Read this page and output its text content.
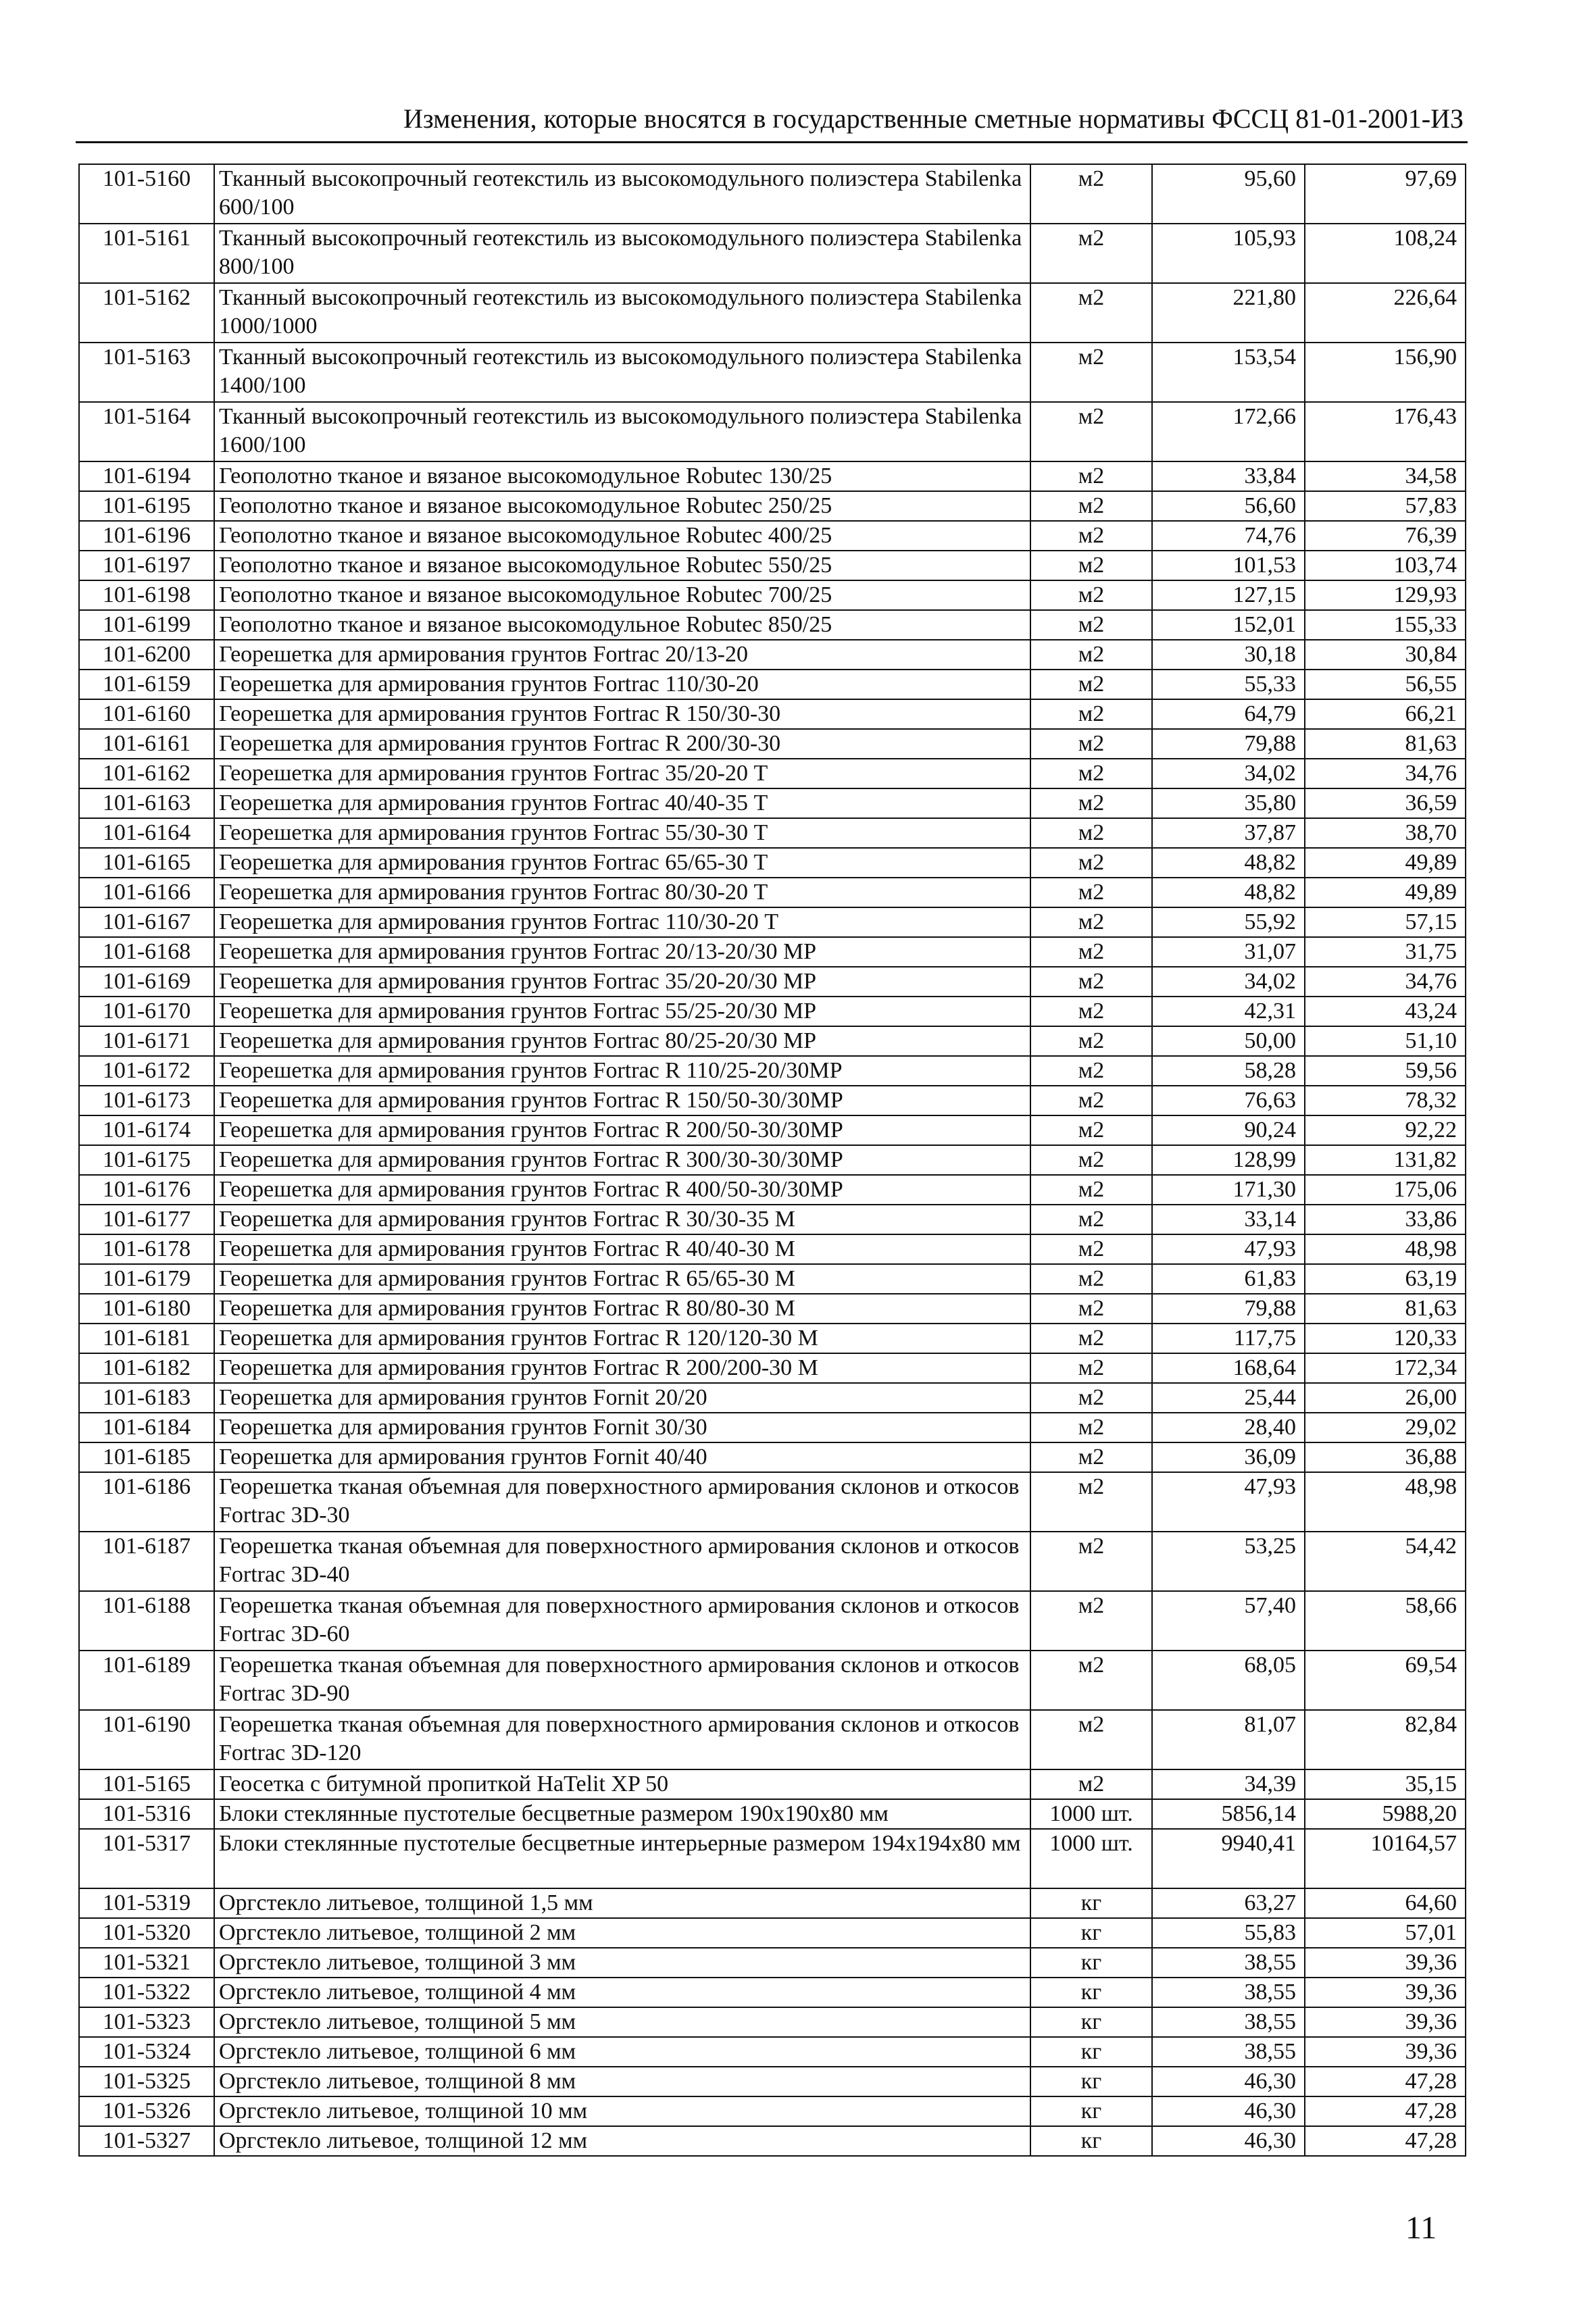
Изменения, которые вносятся в государственные сметные нормативы ФССЦ 81-01-2001-ИЗ
101-5160	Тканный высокопрочный геотекстиль из высокомодульного полиэстера Stabilenka 600/100	м2	95,60	97,69
101-5161	Тканный высокопрочный геотекстиль из высокомодульного полиэстера Stabilenka 800/100	м2	105,93	108,24
101-5162	Тканный высокопрочный геотекстиль из высокомодульного полиэстера Stabilenka 1000/1000	м2	221,80	226,64
101-5163	Тканный высокопрочный геотекстиль из высокомодульного полиэстера Stabilenka 1400/100	м2	153,54	156,90
101-5164	Тканный высокопрочный геотекстиль из высокомодульного полиэстера Stabilenka 1600/100	м2	172,66	176,43
101-6194	Геополотно тканое и вязаное высокомодульное Robutec 130/25	м2	33,84	34,58
101-6195	Геополотно тканое и вязаное высокомодульное Robutec 250/25	м2	56,60	57,83
101-6196	Геополотно тканое и вязаное высокомодульное Robutec 400/25	м2	74,76	76,39
101-6197	Геополотно тканое и вязаное высокомодульное Robutec 550/25	м2	101,53	103,74
101-6198	Геополотно тканое и вязаное высокомодульное Robutec 700/25	м2	127,15	129,93
101-6199	Геополотно тканое и вязаное высокомодульное Robutec 850/25	м2	152,01	155,33
101-6200	Георешетка для армирования грунтов Fortrac 20/13-20	м2	30,18	30,84
101-6159	Георешетка для армирования грунтов Fortrac 110/30-20	м2	55,33	56,55
101-6160	Георешетка для армирования грунтов Fortrac R 150/30-30	м2	64,79	66,21
101-6161	Георешетка для армирования грунтов Fortrac R 200/30-30	м2	79,88	81,63
101-6162	Георешетка для армирования грунтов Fortrac 35/20-20 Т	м2	34,02	34,76
101-6163	Георешетка для армирования грунтов Fortrac 40/40-35 Т	м2	35,80	36,59
101-6164	Георешетка для армирования грунтов Fortrac 55/30-30 Т	м2	37,87	38,70
101-6165	Георешетка для армирования грунтов Fortrac 65/65-30 Т	м2	48,82	49,89
101-6166	Георешетка для армирования грунтов Fortrac 80/30-20 Т	м2	48,82	49,89
101-6167	Георешетка для армирования грунтов Fortrac 110/30-20 Т	м2	55,92	57,15
101-6168	Георешетка для армирования грунтов Fortrac 20/13-20/30 МР	м2	31,07	31,75
101-6169	Георешетка для армирования грунтов Fortrac 35/20-20/30 МР	м2	34,02	34,76
101-6170	Георешетка для армирования грунтов Fortrac 55/25-20/30 МР	м2	42,31	43,24
101-6171	Георешетка для армирования грунтов Fortrac 80/25-20/30 МР	м2	50,00	51,10
101-6172	Георешетка для армирования грунтов Fortrac R 110/25-20/30MP	м2	58,28	59,56
101-6173	Георешетка для армирования грунтов Fortrac R 150/50-30/30MP	м2	76,63	78,32
101-6174	Георешетка для армирования грунтов Fortrac R 200/50-30/30MP	м2	90,24	92,22
101-6175	Георешетка для армирования грунтов Fortrac R 300/30-30/30MP	м2	128,99	131,82
101-6176	Георешетка для армирования грунтов Fortrac R 400/50-30/30MP	м2	171,30	175,06
101-6177	Георешетка для армирования грунтов Fortrac R 30/30-35 М	м2	33,14	33,86
101-6178	Георешетка для армирования грунтов Fortrac R 40/40-30 М	м2	47,93	48,98
101-6179	Георешетка для армирования грунтов Fortrac R 65/65-30 М	м2	61,83	63,19
101-6180	Георешетка для армирования грунтов Fortrac R 80/80-30 М	м2	79,88	81,63
101-6181	Георешетка для армирования грунтов Fortrac R 120/120-30 М	м2	117,75	120,33
101-6182	Георешетка для армирования грунтов Fortrac R 200/200-30 М	м2	168,64	172,34
101-6183	Георешетка для армирования грунтов Fornit 20/20	м2	25,44	26,00
101-6184	Георешетка для армирования грунтов Fornit 30/30	м2	28,40	29,02
101-6185	Георешетка для армирования грунтов Fornit 40/40	м2	36,09	36,88
101-6186	Георешетка тканая объемная для поверхностного армирования склонов и откосов Fortrac 3D-30	м2	47,93	48,98
101-6187	Георешетка тканая объемная для поверхностного армирования склонов и откосов Fortrac 3D-40	м2	53,25	54,42
101-6188	Георешетка тканая объемная для поверхностного армирования склонов и откосов Fortrac 3D-60	м2	57,40	58,66
101-6189	Георешетка тканая объемная для поверхностного армирования склонов и откосов Fortrac 3D-90	м2	68,05	69,54
101-6190	Георешетка тканая объемная для поверхностного армирования склонов и откосов Fortrac 3D-120	м2	81,07	82,84
101-5165	Геосетка с битумной пропиткой HaTelit XP 50	м2	34,39	35,15
101-5316	Блоки стеклянные пустотелые бесцветные размером 190x190x80 мм	1000 шт.	5856,14	5988,20
101-5317	Блоки стеклянные пустотелые бесцветные интерьерные размером 194x194x80 мм	1000 шт.	9940,41	10164,57
101-5319	Оргстекло литьевое, толщиной 1,5 мм	кг	63,27	64,60
101-5320	Оргстекло литьевое, толщиной 2 мм	кг	55,83	57,01
101-5321	Оргстекло литьевое, толщиной 3 мм	кг	38,55	39,36
101-5322	Оргстекло литьевое, толщиной 4 мм	кг	38,55	39,36
101-5323	Оргстекло литьевое, толщиной 5 мм	кг	38,55	39,36
101-5324	Оргстекло литьевое, толщиной 6 мм	кг	38,55	39,36
101-5325	Оргстекло литьевое, толщиной 8 мм	кг	46,30	47,28
101-5326	Оргстекло литьевое, толщиной 10 мм	кг	46,30	47,28
101-5327	Оргстекло литьевое, толщиной 12 мм	кг	46,30	47,28
11
